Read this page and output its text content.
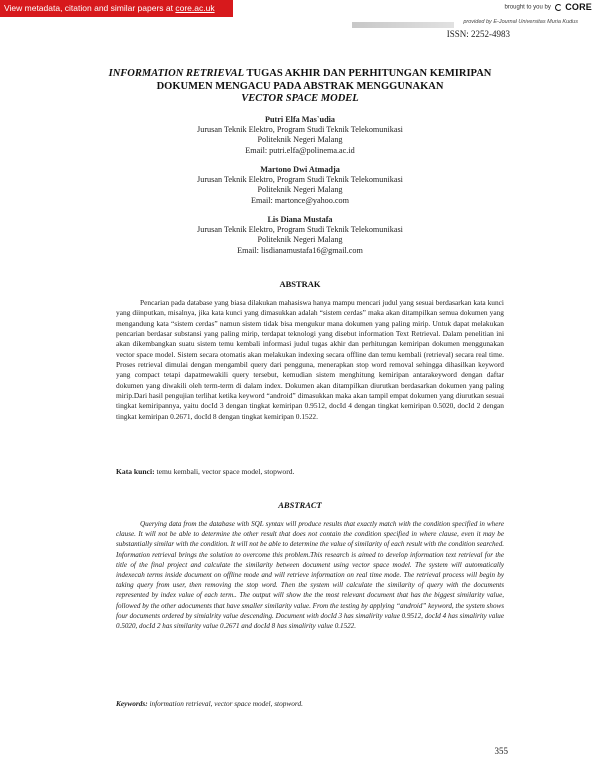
View metadata, citation and similar papers at core.ac.uk	brought to you by CORE
provided by E-Journal Universitas Muria Kudus
ISSN: 2252-4983
INFORMATION RETRIEVAL TUGAS AKHIR DAN PERHITUNGAN KEMIRIPAN
DOKUMEN MENGACU PADA ABSTRAK MENGGUNAKAN
VECTOR SPACE MODEL
Putri Elfa Mas`udia
Jurusan Teknik Elektro, Program Studi Teknik Telekomunikasi
Politeknik Negeri Malang
Email: putri.elfa@polinema.ac.id
Martono Dwi Atmadja
Jurusan Teknik Elektro, Program Studi Teknik Telekomunikasi
Politeknik Negeri Malang
Email: martonce@yahoo.com
Lis Diana Mustafa
Jurusan Teknik Elektro, Program Studi Teknik Telekomunikasi
Politeknik Negeri Malang
Email: lisdianamustafa16@gmail.com
ABSTRAK
Pencarian pada database yang biasa dilakukan mahasiswa hanya mampu mencari judul yang sesuai berdasarkan kata kunci yang diinputkan, misalnya, jika kata kunci yang dimasukkan adalah “sistem cerdas” maka akan ditampilkan semua dokumen yang mengandung kata “sistem cerdas” namun sistem tidak bisa mengukur mana dokumen yang paling mirip. Untuk dapat melakukan pencarian berdasar substansi yang paling mirip, terdapat teknologi yang disebut information Text Retrieval. Dalam penelitian ini akan dikembangkan suatu sistem temu kembali informasi judul tugas akhir dan perhitungan kemiripan dokumen menggunakan vector space model. Sistem secara otomatis akan melakukan indexing secara offline dan temu kembali (retrieval) secara real time. Proses retrieval dimulai dengan mengambil query dari pengguna, menerapkan stop word removal sehingga dihasilkan keyword yang compact tetapi dapatmewakili query tersebut, kemudian sistem menghitung kemiripan antarakeyword dengan daftar dokumen yang diwakili oleh term-term di dalam index. Dokumen akan ditampilkan diurutkan berdasarkan dokumen yang paling mirip.Dari hasil pengujian terlihat ketika keyword “android” dimasukkan maka akan tampil empat dokumen yang diurutkan sesuai tingkat kemiripannya, yaitu docId 3 dengan tingkat kemiripan 0.9512, docId 4 dengan tingkat kemiripan 0.5020, docId 2 dengan tingkat kemiripan 0.2671, docId 8 dengan tingkat kemiripan 0.1522.
Kata kunci: temu kembali, vector space model, stopword.
ABSTRACT
Querying data from the database with SQL syntax will produce results that exactly match with the condition specified in where clause. It will not be able to determine the other result that does not contain the condition specified in where clause, even it may be substantially similar with the condition. It will not be able to determine the value of similarity of each result with the condition searched. Information retrieval brings the solution to overcome this problem.This research is aimed to develop information text retrieval for the title of the final project and calculate the similarity between document using vector space model. The system will automatically indexecah terms inside document on offline mode and will retrieve information on real time mode. The retrieval process will begin by taking query from user, then removing the stop word. Then the system will calculate the similarity of query with the documents represented by index value of each term.. The output will show the the most relevant document that has the biggest similarity value, followed by the other adocuments that have smaller similarity value. From the testing by applying “android” keyword, the system shows four documents ordered by simialrity value descending. Document with docId 3 has simalirity value 0.9512, docId 4 has simalirity value 0.5020, docId 2 has similarity value 0.2671 and docId 8 has simalirity value 0.1522.
Keywords: information retrieval, vector space model, stopword.
355
